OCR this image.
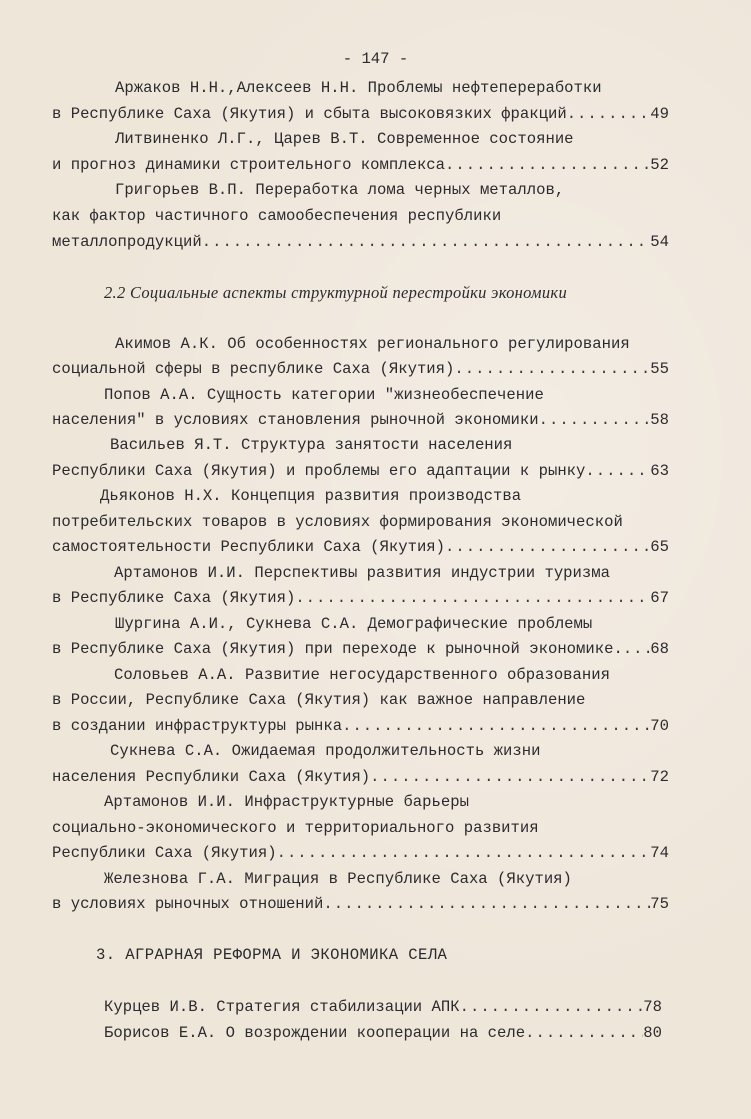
- 147 -
Аржаков Н.Н.,Алексеев Н.Н. Проблемы нефтепереработки
в Республике Саха (Якутия) и сбыта высоковязких фракций .....	49
Литвиненко Л.Г., Царев В.Т. Современное состояние
и прогноз динамики строительного комплекса .....	52
Григорьев В.П. Переработка лома черных металлов,
как фактор частичного самообеспечения республики
металлопродукций .....	54
2.2 Социальные аспекты структурной перестройки экономики
Акимов А.К. Об особенностях регионального регулирования
социальной сферы в республике Саха (Якутия) .....	55
Попов А.А. Сущность категории "жизнеобеспечение
населения" в условиях становления рыночной экономики .....	58
Васильев Я.Т. Структура занятости населения
Республики Саха (Якутия) и проблемы его адаптации к рынку .....	63
Дьяконов Н.Х. Концепция развития производства
потребительских товаров в условиях формирования экономической
самостоятельности Республики Саха (Якутия) .....	65
Артамонов И.И. Перспективы развития индустрии туризма
в Республике Саха (Якутия) .....	67
Шургина А.И., Сукнева С.А. Демографические проблемы
в Республике Саха (Якутия) при переходе к рыночной экономике. ..... 68
Соловьев А.А. Развитие негосударственного образования
в России, Республике Саха (Якутия) как важное направление
в создании инфраструктуры рынка .....	70
Сукнева С.А. Ожидаемая продолжительность жизни
населения Республики Саха (Якутия) .....	72
Артамонов И.И. Инфраструктурные барьеры
социально-экономического и территориального развития
Республики Саха (Якутия) .....	74
Железнова Г.А. Миграция в Республике Саха (Якутия)
в условиях рыночных отношений .....	75
3. АГРАРНАЯ РЕФОРМА И ЭКОНОМИКА СЕЛА
Курцев И.В. Стратегия стабилизации АПК .....	78
Борисов Е.А. О возрождении кооперации на селе .....	80
